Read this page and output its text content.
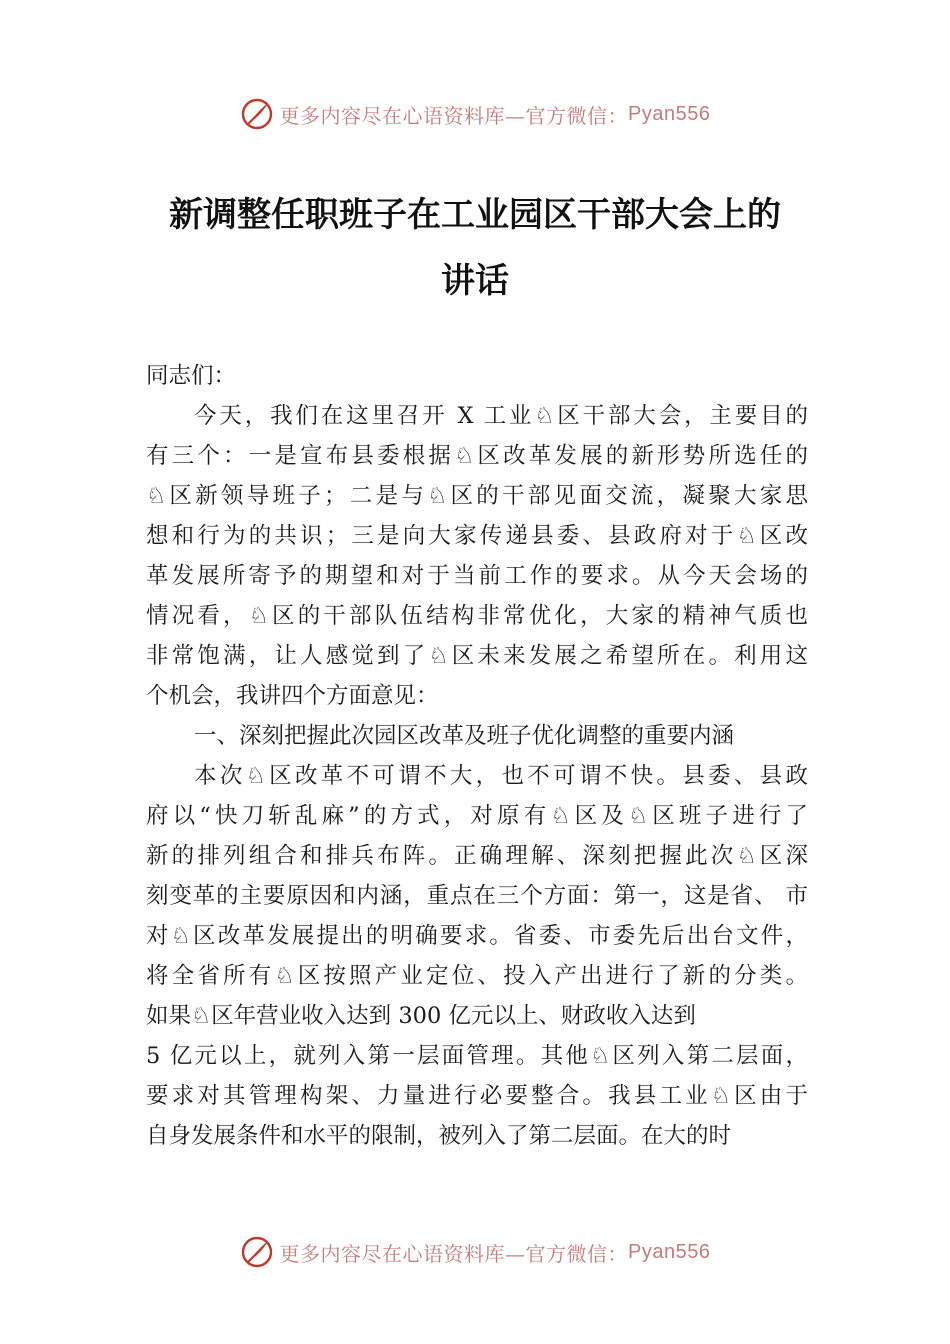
更多内容尽在心语资料库—官方微信： Pyan556
新调整任职班子在工业园区干部大会上的
讲话
同志们：
今天，我们在这里召开 X 工业♘区干部大会，主要目的
有三个：一是宣布县委根据♘区改革发展的新形势所选任的
♘区新领导班子；二是与♘区的干部见面交流，凝聚大家思
想和行为的共识；三是向大家传递县委、县政府对于♘区改
革发展所寄予的期望和对于当前工作的要求。从今天会场的
情况看，♘区的干部队伍结构非常优化，大家的精神气质也
非常饱满，让人感觉到了♘区未来发展之希望所在。利用这
个机会，我讲四个方面意见：
一、深刻把握此次园区改革及班子优化调整的重要内涵
本次♘区改革不可谓不大，也不可谓不快。县委、县政
府以“快刀斩乱麻”的方式，对原有♘区及♘区班子进行了
新的排列组合和排兵布阵。正确理解、深刻把握此次♘区深
刻变革的主要原因和内涵，重点在三个方面：第一，这是省、 市
对♘区改革发展提出的明确要求。省委、市委先后出台文件，
将全省所有♘区按照产业定位、投入产出进行了新的分类。
如果♘区年营业收入达到 300 亿元以上、财政收入达到
5 亿元以上，就列入第一层面管理。其他♘区列入第二层面，
要求对其管理构架、力量进行必要整合。我县工业♘区由于
自身发展条件和水平的限制，被列入了第二层面。在大的时
更多内容尽在心语资料库—官方微信： Pyan556
